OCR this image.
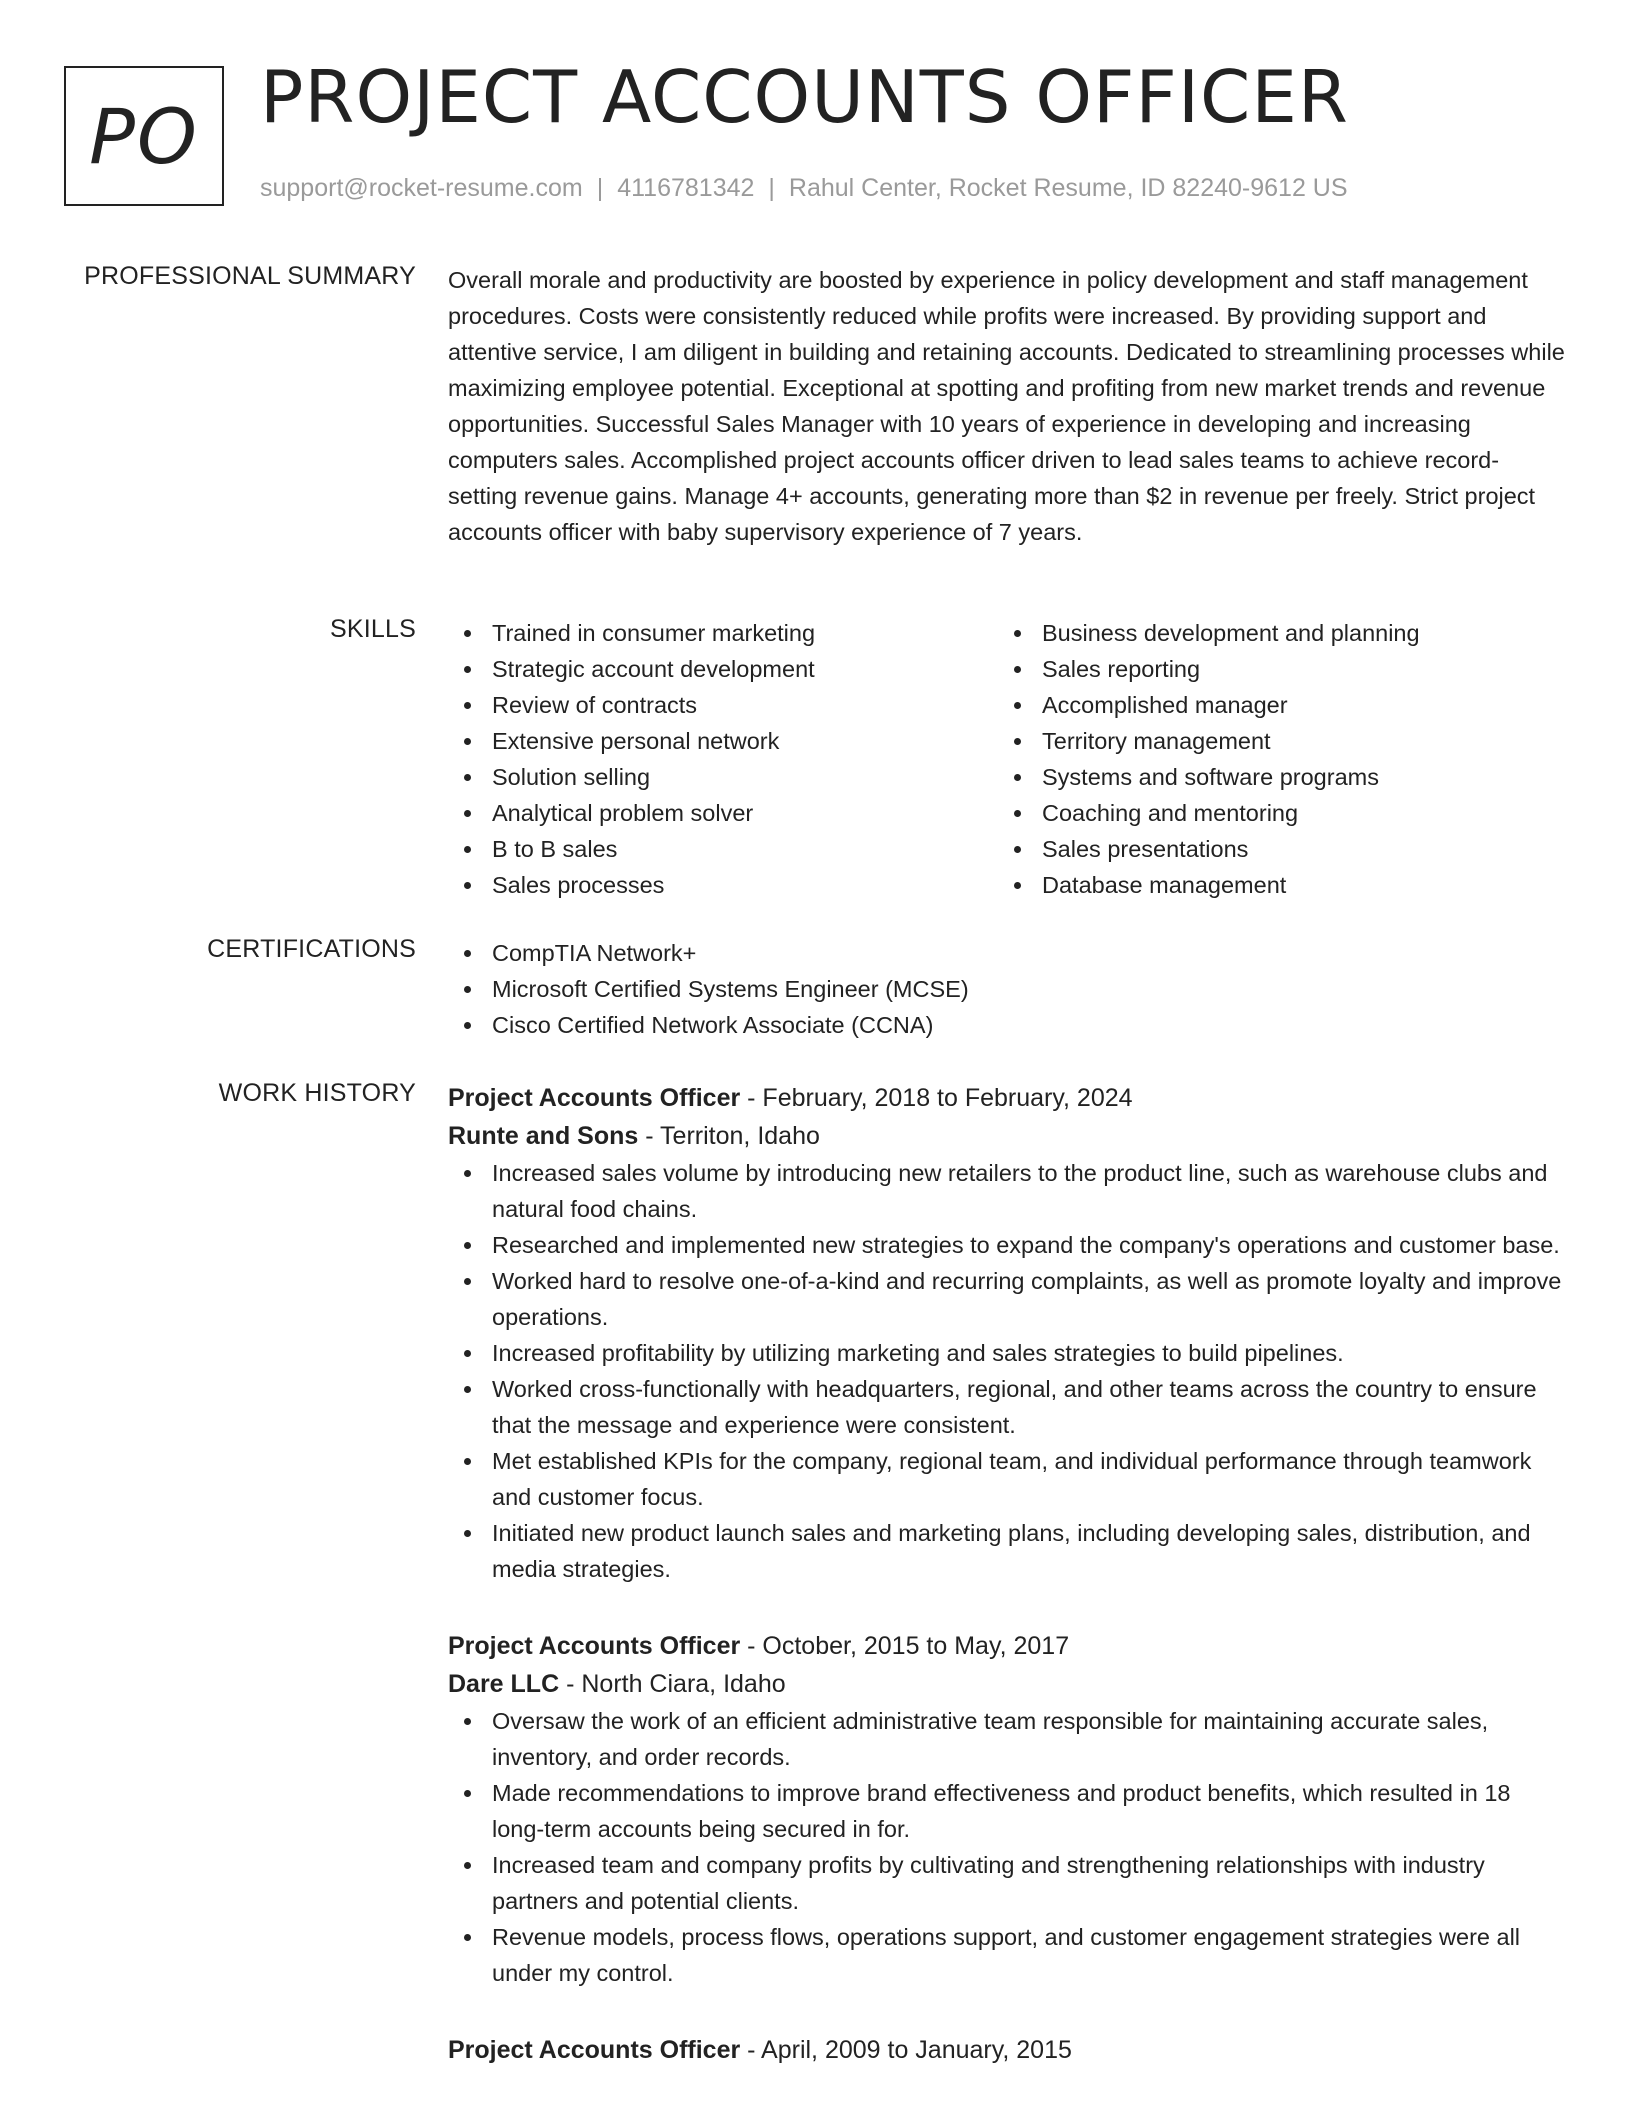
PO PROJECT ACCOUNTS OFFICER
support@rocket-resume.com | 4116781342 | Rahul Center, Rocket Resume, ID 82240-9612 US
PROFESSIONAL SUMMARY Overall morale and productivity are boosted by experience in policy development and staff management procedures. Costs were consistently reduced while profits were increased. By providing support and attentive service, I am diligent in building and retaining accounts. Dedicated to streamlining processes while maximizing employee potential. Exceptional at spotting and profiting from new market trends and revenue opportunities. Successful Sales Manager with 10 years of experience in developing and increasing computers sales. Accomplished project accounts officer driven to lead sales teams to achieve record-setting revenue gains. Manage 4+ accounts, generating more than $2 in revenue per freely. Strict project accounts officer with baby supervisory experience of 7 years.

SKILLS	Trained in consumer marketing
Strategic account development
Review of contracts
Extensive personal network
Solution selling
Analytical problem solver
B to B sales
Sales processes
Business development and planning
Sales reporting
Accomplished manager
Territory management
Systems and software programs
Coaching and mentoring
Sales presentations
Database management
CERTIFICATIONS	CompTIA Network+
Microsoft Certified Systems Engineer (MCSE)
Cisco Certified Network Associate (CCNA)
WORK HISTORY Project Accounts Officer - February, 2018 to February, 2024
Runte and Sons - Territon, Idaho
Increased sales volume by introducing new retailers to the product line, such as warehouse clubs and natural food chains.
Researched and implemented new strategies to expand the company's operations and customer base.
Worked hard to resolve one-of-a-kind and recurring complaints, as well as promote loyalty and improve operations.
Increased profitability by utilizing marketing and sales strategies to build pipelines.
Worked cross-functionally with headquarters, regional, and other teams across the country to ensure that the message and experience were consistent.
Met established KPIs for the company, regional team, and individual performance through teamwork and customer focus.
Initiated new product launch sales and marketing plans, including developing sales, distribution, and media strategies.
Project Accounts Officer - October, 2015 to May, 2017
Dare LLC - North Ciara, Idaho
Oversaw the work of an efficient administrative team responsible for maintaining accurate sales, inventory, and order records.
Made recommendations to improve brand effectiveness and product benefits, which resulted in 18 long-term accounts being secured in for.
Increased team and company profits by cultivating and strengthening relationships with industry partners and potential clients.
Revenue models, process flows, operations support, and customer engagement strategies were all under my control.
Project Accounts Officer - April, 2009 to January, 2015
